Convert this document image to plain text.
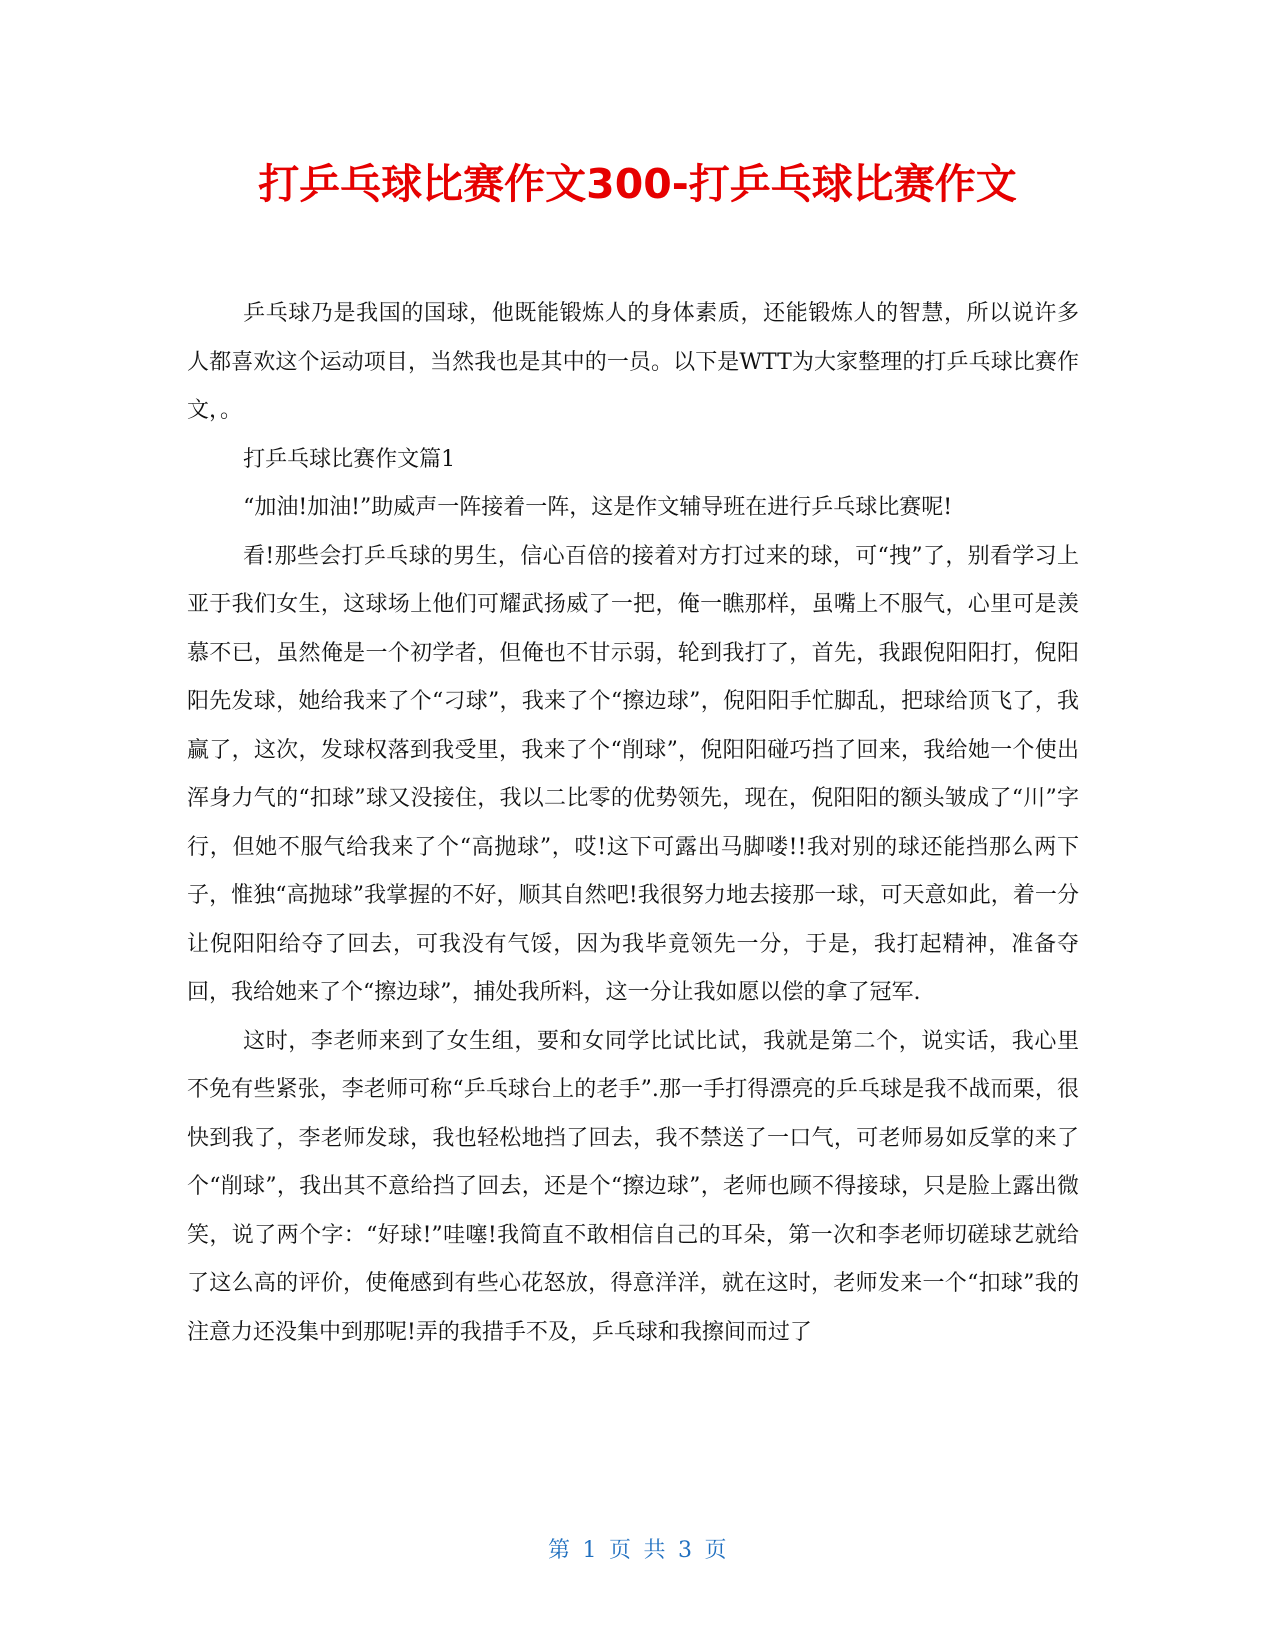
打乒乓球比赛作文300-打乒乓球比赛作文

乒乓球乃是我国的国球，他既能锻炼人的身体素质，还能锻炼人的智慧，所以说许多人都喜欢这个运动项目，当然我也是其中的一员。以下是WTT为大家整理的打乒乓球比赛作文，。

打乒乓球比赛作文篇1

“加油!加油!”助威声一阵接着一阵，这是作文辅导班在进行乒乓球比赛呢!

看!那些会打乒乓球的男生，信心百倍的接着对方打过来的球，可“拽”了，别看学习上亚于我们女生，这球场上他们可耀武扬威了一把，俺一瞧那样，虽嘴上不服气，心里可是羡慕不已，虽然俺是一个初学者，但俺也不甘示弱，轮到我打了，首先，我跟倪阳阳打，倪阳阳先发球，她给我来了个“刁球”，我来了个“擦边球”，倪阳阳手忙脚乱，把球给顶飞了，我赢了，这次，发球权落到我受里，我来了个“削球”，倪阳阳碰巧挡了回来，我给她一个使出浑身力气的“扣球”球又没接住，我以二比零的优势领先，现在，倪阳阳的额头皱成了“川”字行，但她不服气给我来了个“高抛球”，哎!这下可露出马脚喽!!我对别的球还能挡那么两下子，惟独“高抛球”我掌握的不好，顺其自然吧!我很努力地去接那一球，可天意如此，着一分让倪阳阳给夺了回去，可我没有气馁，因为我毕竟领先一分，于是，我打起精神，准备夺回，我给她来了个“擦边球”，捕处我所料，这一分让我如愿以偿的拿了冠军.

这时，李老师来到了女生组，要和女同学比试比试，我就是第二个，说实话，我心里不免有些紧张，李老师可称“乒乓球台上的老手”.那一手打得漂亮的乒乓球是我不战而栗，很快到我了，李老师发球，我也轻松地挡了回去，我不禁送了一口气，可老师易如反掌的来了个“削球”，我出其不意给挡了回去，还是个“擦边球”，老师也顾不得接球，只是脸上露出微笑，说了两个字：“好球!”哇噻!我简直不敢相信自己的耳朵，第一次和李老师切磋球艺就给了这么高的评价，使俺感到有些心花怒放，得意洋洋，就在这时，老师发来一个“扣球”我的注意力还没集中到那呢!弄的我措手不及，乒乓球和我擦间而过了

第 1 页 共 3 页
